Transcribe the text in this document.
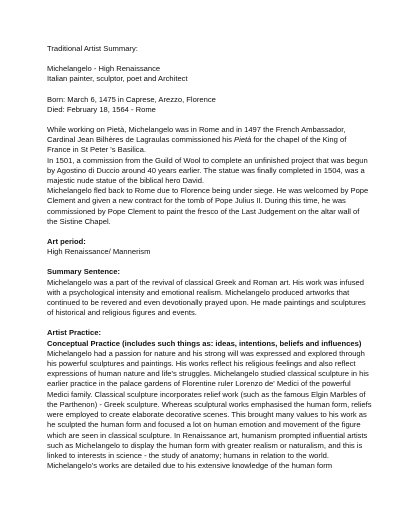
Traditional Artist Summary:

Michelangelo - High Renaissance

Italian painter, sculptor, poet and Architect

Born: March 6, 1475 in Caprese, Arezzo, Florence

Died: February 18, 1564 - Rome

While working on Pietà, Michelangelo was in Rome and in 1497 the French Ambassador, Cardinal Jean Bilhères de Lagraulas commissioned his Pietà for the chapel of the King of France in St Peter 's Basilica.

In 1501, a commission from the Guild of Wool to complete an unfinished project that was begun by Agostino di Duccio around 40 years earlier. The statue was finally completed in 1504, was a majestic nude statue of the biblical hero David.

Michelangelo fled back to Rome due to Florence being under siege. He was welcomed by Pope Clement and given a new contract for the tomb of Pope Julius II. During this time, he was commissioned by Pope Clement to paint the fresco of the Last Judgement on the altar wall of the Sistine Chapel.

Art period:

High Renaissance/ Mannerism

Summary Sentence:

Michelangelo was a part of the revival of classical Greek and Roman art. His work was infused with a psychological intensity and emotional realism. Michelangelo produced artworks that continued to be revered and even devotionally prayed upon. He made paintings and sculptures of historical and religious figures and events.

Artist Practice:

Conceptual Practice (includes such things as: ideas, intentions, beliefs and influences)

Michelangelo had a passion for nature and his strong will was expressed and explored through his powerful sculptures and paintings. His works reflect his religious feelings and also reflect expressions of human nature and life's struggles. Michelangelo studied classical sculpture in his earlier practice in the palace gardens of Florentine ruler Lorenzo de' Medici of the powerful Medici family. Classical sculpture incorporates relief work (such as the famous Elgin Marbles of the Parthenon) - Greek sculpture. Whereas sculptural works emphasised the human form, reliefs were employed to create elaborate decorative scenes. This brought many values to his work as he sculpted the human form and focused a lot on human emotion and movement of the figure which are seen in classical sculpture. In Renaissance art, humanism prompted influential artists such as Michelangelo to display the human form with greater realism or naturalism, and this is linked to interests in science - the study of anatomy; humans in relation to the world. Michelangelo's works are detailed due to his extensive knowledge of the human form
